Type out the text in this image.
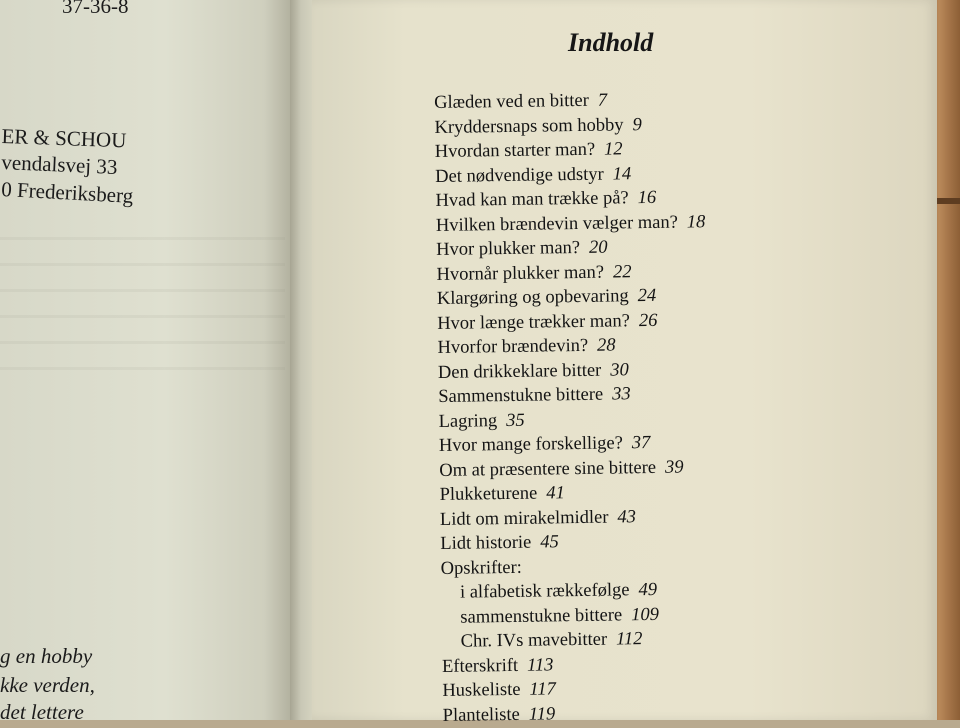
37-36-8

ER & SCHOU

vendalsvej 33

0 Frederiksberg

g en hobby

kke verden,

det lettere

Indhold
Glæden ved en bitter 7
Kryddersnaps som hobby 9
Hvordan starter man? 12
Det nødvendige udstyr 14
Hvad kan man trække på? 16
Hvilken brændevin vælger man? 18
Hvor plukker man? 20
Hvornår plukker man? 22
Klargøring og opbevaring 24
Hvor længe trækker man? 26
Hvorfor brændevin? 28
Den drikkeklare bitter 30
Sammenstukne bittere 33
Lagring 35
Hvor mange forskellige? 37
Om at præsentere sine bittere 39
Plukketurene 41
Lidt om mirakelmidler 43
Lidt historie 45
Opskrifter:
i alfabetisk rækkefølge 49
sammenstukne bittere 109
Chr. IVs mavebitter 112
Efterskrift 113
Huskeliste 117
Planteliste 119
